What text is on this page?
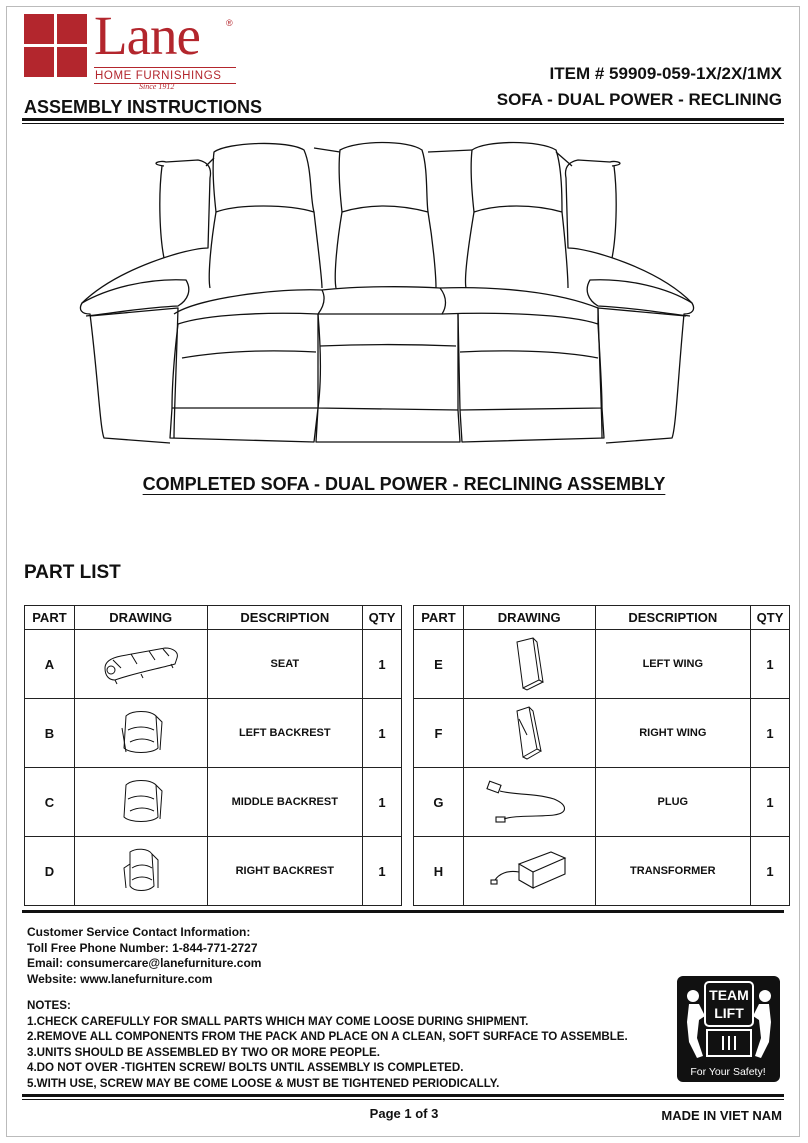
Lane	®
HOME FURNISHINGS
Since 1912
ITEM # 59909-059-1X/2X/1MX
SOFA - DUAL POWER - RECLINING
ASSEMBLY INSTRUCTIONS
COMPLETED SOFA - DUAL POWER - RECLINING ASSEMBLY
PART LIST
PART	DRAWING	DESCRIPTION	QTY
A		SEAT	1
B		LEFT BACKREST	1
C		MIDDLE BACKREST	1
D		RIGHT BACKREST	1
PART	DRAWING	DESCRIPTION	QTY
E		LEFT WING	1
F		RIGHT WING	1
G		PLUG	1
H		TRANSFORMER	1
Customer Service Contact Information:
Toll Free Phone Number: 1-844-771-2727
Email: consumercare@lanefurniture.com
Website: www.lanefurniture.com
NOTES:
1.CHECK CAREFULLY FOR SMALL PARTS WHICH MAY COME LOOSE DURING SHIPMENT.
2.REMOVE ALL COMPONENTS FROM THE PACK AND PLACE ON A CLEAN, SOFT SURFACE TO ASSEMBLE.
3.UNITS SHOULD BE ASSEMBLED BY TWO OR MORE PEOPLE.
4.DO NOT OVER -TIGHTEN SCREW/ BOLTS UNTIL ASSEMBLY IS COMPLETED.
5.WITH USE, SCREW MAY BE COME LOOSE & MUST BE TIGHTENED PERIODICALLY.
TEAM
LIFT
For Your Safety!
Page 1 of 3	MADE IN VIET NAM
